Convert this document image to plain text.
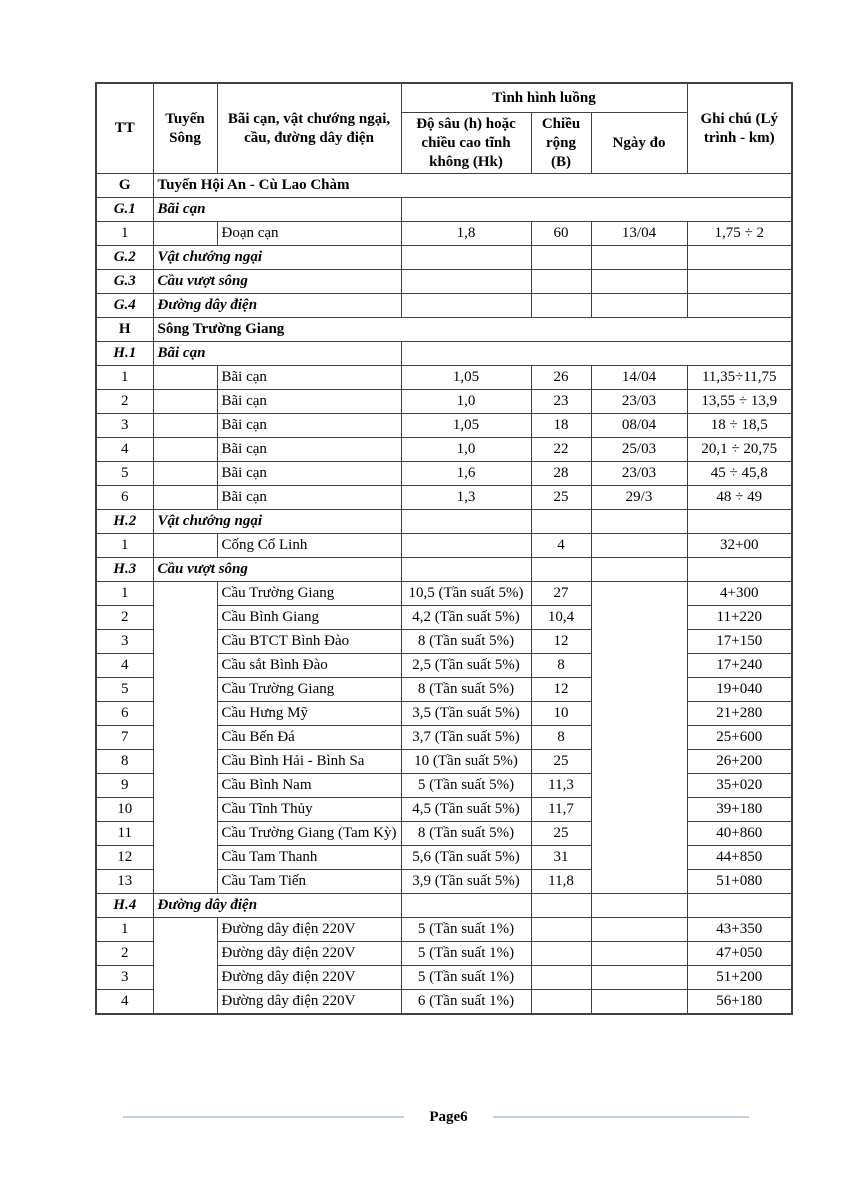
TT	Tuyến Sông	Bãi cạn, vật chướng ngại, cầu, đường dây điện	Tình hình luồng			Ghi chú (Lý trình - km)
			Độ sâu (h) hoặc chiều cao tĩnh không (Hk)	Chiều rộng (B)	Ngày đo	
G	Tuyến Hội An - Cù Lao Chàm					
G.1	Bãi cạn					
1		Đoạn cạn	1,8	60	13/04	1,75 ÷ 2
G.2	Vật chướng ngại					
G.3	Cầu vượt sông					
G.4	Đường dây điện					
H	Sông Trường Giang					
H.1	Bãi cạn					
1		Bãi cạn	1,05	26	14/04	11,35÷11,75
2		Bãi cạn	1,0	23	23/03	13,55 ÷ 13,9
3		Bãi cạn	1,05	18	08/04	18 ÷ 18,5
4		Bãi cạn	1,0	22	25/03	20,1 ÷ 20,75
5		Bãi cạn	1,6	28	23/03	45 ÷ 45,8
6		Bãi cạn	1,3	25	29/3	48 ÷ 49
H.2	Vật chướng ngại					
1		Cống Cổ Linh		4		32+00
H.3	Cầu vượt sông					
1		Cầu Trường Giang	10,5 (Tần suất 5%)	27		4+300
2		Cầu Bình Giang	4,2 (Tần suất 5%)	10,4		11+220
3		Cầu BTCT Bình Đào	8 (Tần suất 5%)	12		17+150
4		Cầu sắt Bình Đào	2,5 (Tần suất 5%)	8		17+240
5		Cầu Trường Giang	8 (Tần suất 5%)	12		19+040
6		Cầu Hưng Mỹ	3,5 (Tần suất 5%)	10		21+280
7		Cầu Bến Đá	3,7 (Tần suất 5%)	8		25+600
8		Cầu Bình Hải - Bình Sa	10 (Tần suất 5%)	25		26+200
9		Cầu Bình Nam	5 (Tần suất 5%)	11,3		35+020
10		Cầu Tĩnh Thủy	4,5 (Tần suất 5%)	11,7		39+180
11		Cầu Trường Giang (Tam Kỳ)	8 (Tần suất 5%)	25		40+860
12		Cầu Tam Thanh	5,6 (Tần suất 5%)	31		44+850
13		Cầu Tam Tiến	3,9 (Tần suất 5%)	11,8		51+080
H.4	Đường dây điện					
1		Đường dây điện 220V	5 (Tần suất 1%)			43+350
2		Đường dây điện 220V	5 (Tần suất 1%)			47+050
3		Đường dây điện 220V	5 (Tần suất 1%)			51+200
4		Đường dây điện 220V	6 (Tần suất 1%)			56+180
Page6
